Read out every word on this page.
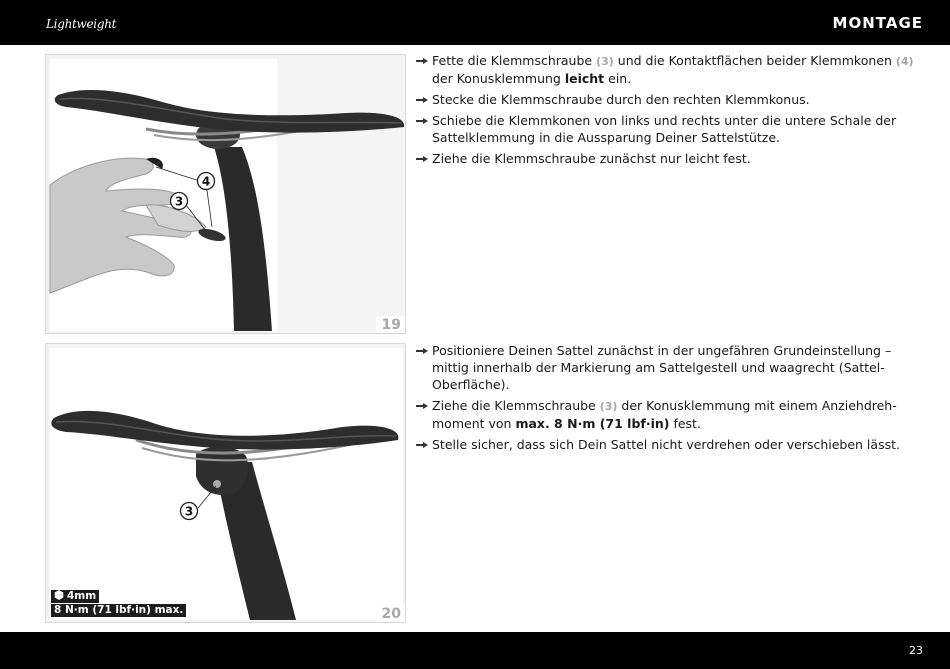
Lightweight	MONTAGE
4
3
19
3
4mm
8 N·m (71 lbf·in) max.	20

Fette die Klemmschraube (3) und die Kontaktflächen beider Klemmkonen (4) der Konusklemmung leicht ein.

Stecke die Klemmschraube durch den rechten Klemmkonus.

Schiebe die Klemmkonen von links und rechts unter die untere Schale der Sattelklemmung in die Aussparung Deiner Sattelstütze.

Ziehe die Klemmschraube zunächst nur leicht fest.

Positioniere Deinen Sattel zunächst in der ungefähren Grundeinstellung – mittig innerhalb der Markierung am Sattelgestell und waagrecht (Sattel-Oberfläche).

Ziehe die Klemmschraube (3) der Konusklemmung mit einem Anziehdreh-moment von max. 8 N·m (71 lbf·in) fest.

Stelle sicher, dass sich Dein Sattel nicht verdrehen oder verschieben lässt.

23
